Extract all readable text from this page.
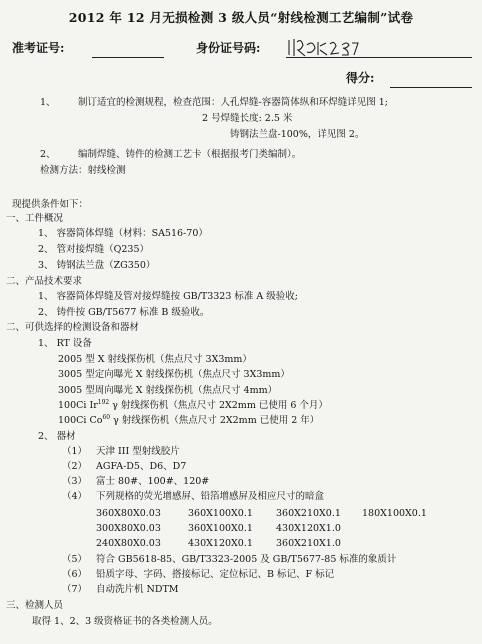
2012 年 12 月无损检测 3 级人员“射线检测工艺编制”试卷
准考证号:	身份证号码:
得分:
1、 制订适宜的检测规程，检查范围：人孔焊缝-容器筒体纵和环焊缝详见图 1;
2 号焊缝长度: 2.5 米
铸钢法兰盘-100%，详见图 2。
2、 编制焊缝、铸件的检测工艺卡（根据报考门类编制）。
检测方法：射线检测
现提供条件如下：
一、工件概况
1、 容器筒体焊缝（材料：SA516-70）
2、 管对接焊缝（Q235）
3、 铸钢法兰盘（ZG350）
二、产品技术要求
1、 容器筒体焊缝及管对接焊缝按 GB/T3323 标准 A 级验收;
2、 铸件按 GB/T5677 标准 B 级验收。
二、可供选择的检测设备和器材
1、 RT 设备
2005 型 X 射线探伤机（焦点尺寸 3X3mm）
3005 型定向曝光 X 射线探伤机（焦点尺寸 3X3mm）
3005 型周向曝光 X 射线探伤机（焦点尺寸 4mm）
100Ci Ir$^{192}$ γ 射线探伤机（焦点尺寸 2X2mm 已使用 6 个月）
100Ci Co$^{60}$ γ 射线探伤机（焦点尺寸 2X2mm 已使用 2 年）
2、 器材
（1） 天津 III 型射线胶片
（2） AGFA-D5、D6、D7
（3） 富士 80#、100#、120#
（4） 下列规格的荧光增感屏、铅箔增感屏及相应尺寸的暗盒
360X80X0.03	360X100X0.1 360X210X0.1 180X100X0.1
300X80X0.03	360X100X0.1 430X120X1.0
240X80X0.03	430X120X0.1 360X210X1.0
（5） 符合 GB5618-85、GB/T3323-2005 及 GB/T5677-85 标准的象质计
（6） 铅质字母、字码、搭接标记、定位标记、B 标记、F 标记
（7） 自动洗片机 NDTM
三、检测人员
取得 1、2、3 级资格证书的各类检测人员。
